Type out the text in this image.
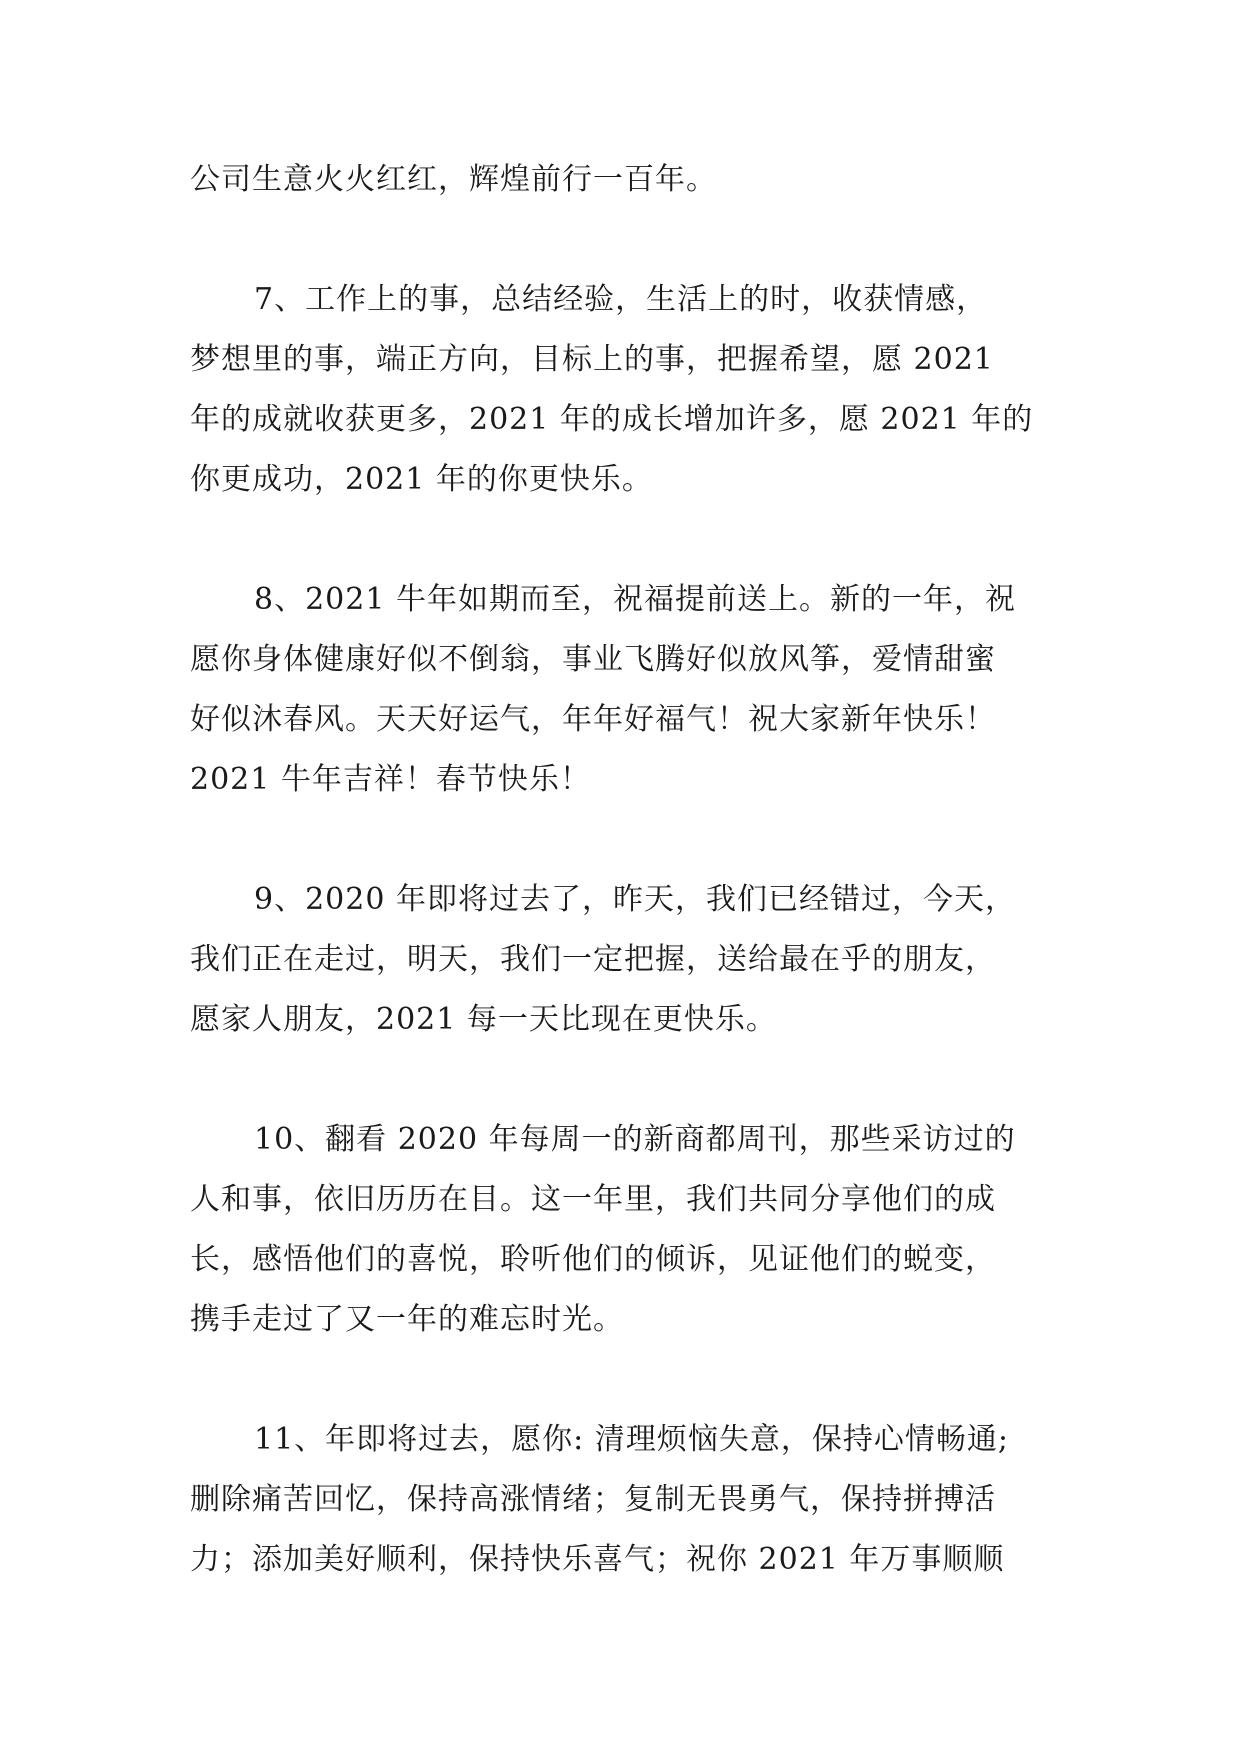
公司生意火火红红，辉煌前行一百年。
7、工作上的事，总结经验，生活上的时，收获情感，
梦想里的事，端正方向，目标上的事，把握希望，愿 2021
年的成就收获更多，2021 年的成长增加许多，愿 2021 年的
你更成功，2021 年的你更快乐。
8、2021 牛年如期而至，祝福提前送上。新的一年，祝
愿你身体健康好似不倒翁，事业飞腾好似放风筝，爱情甜蜜
好似沐春风。天天好运气，年年好福气！祝大家新年快乐！
2021 牛年吉祥！春节快乐！
9、2020 年即将过去了，昨天，我们已经错过，今天，
我们正在走过，明天，我们一定把握，送给最在乎的朋友，
愿家人朋友，2021 每一天比现在更快乐。
10、翻看 2020 年每周一的新商都周刊，那些采访过的
人和事，依旧历历在目。这一年里，我们共同分享他们的成
长，感悟他们的喜悦，聆听他们的倾诉，见证他们的蜕变，
携手走过了又一年的难忘时光。
11、年即将过去，愿你: 清理烦恼失意，保持心情畅通;
删除痛苦回忆，保持高涨情绪；复制无畏勇气，保持拼搏活
力；添加美好顺利，保持快乐喜气；祝你 2021 年万事顺顺
